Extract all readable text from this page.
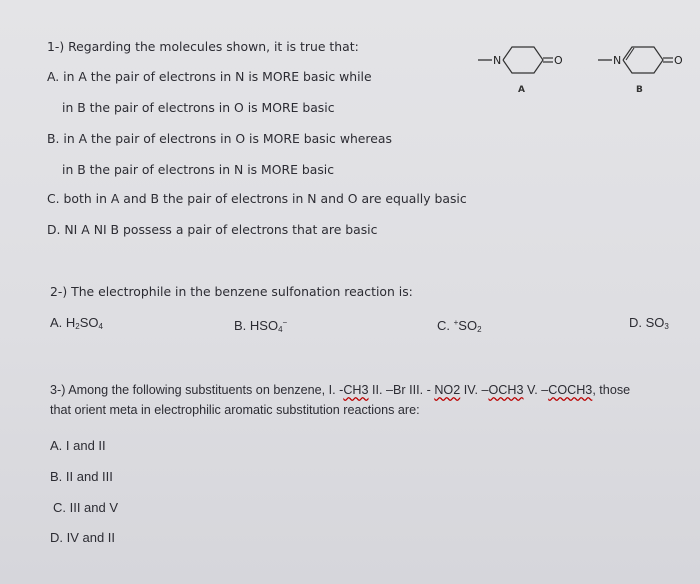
1-) Regarding the molecules shown, it is true that:
A. in A the pair of electrons in N is MORE basic while
in B the pair of electrons in O is MORE basic
B. in A the pair of electrons in O is MORE basic whereas
in B the pair of electrons in N is MORE basic
C. both in A and B the pair of electrons in N and O are equally basic
D. NI A NI B possess a pair of electrons that are basic
N	O
A
N	O
B
2-) The electrophile in the benzene sulfonation reaction is:
A. $H_2SO_4$	B. $HSO_4^-$	C. $^+SO_2$	D. $SO_3$
3-) Among the following substituents on benzene, I. -CH3 II. –Br III. - NO2 IV. –OCH3 V. –COCH3, those
that orient meta in electrophilic aromatic substitution reactions are:
A. I and II
B. II and III
C. III and V
D. IV and II
